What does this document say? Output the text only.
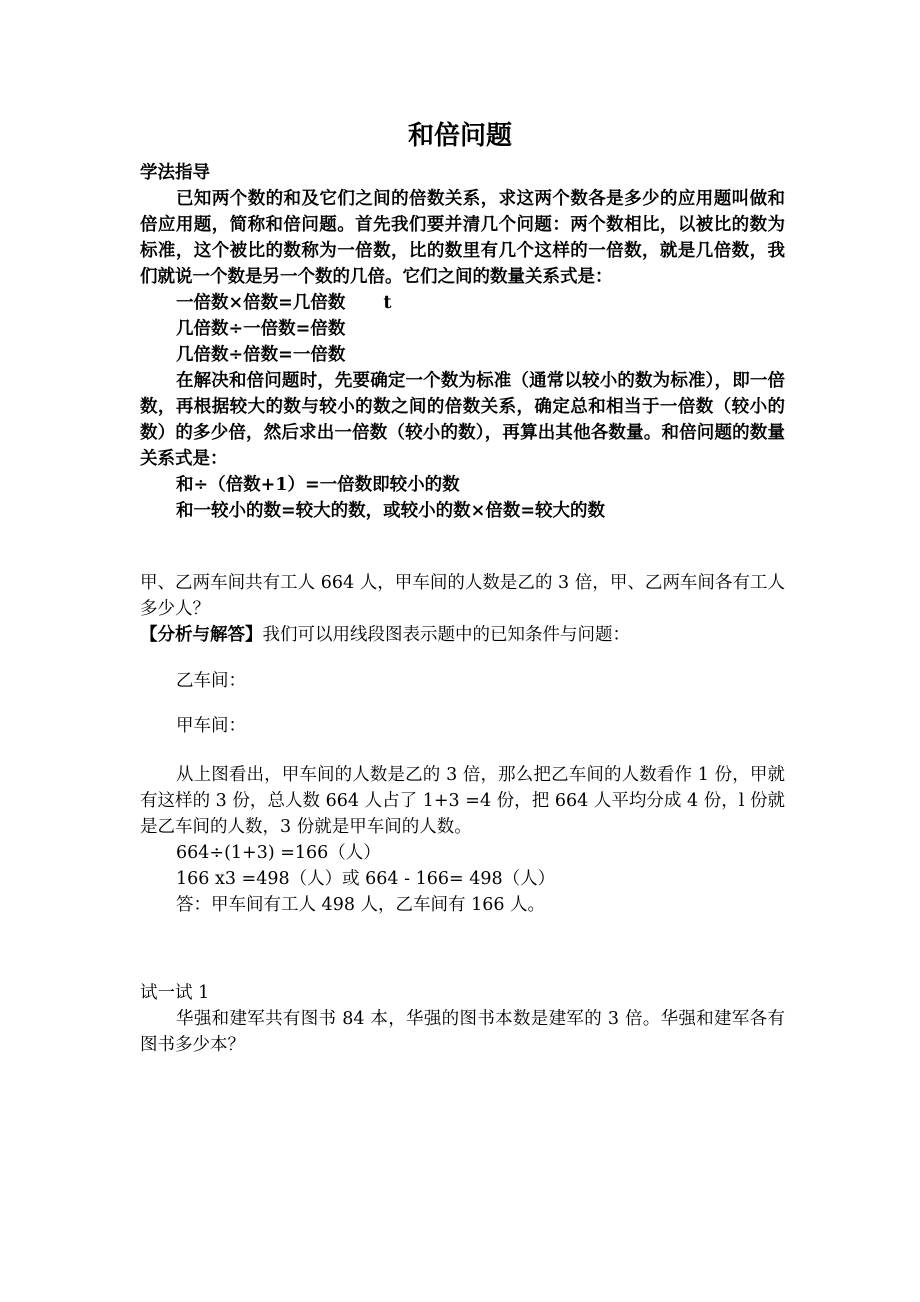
和倍问题
学法指导
已知两个数的和及它们之间的倍数关系，求这两个数各是多少的应用题叫做和倍应用题，简称和倍问题。首先我们要并清几个问题：两个数相比，以被比的数为标准，这个被比的数称为一倍数，比的数里有几个这样的一倍数，就是几倍数，我们就说一个数是另一个数的几倍。它们之间的数量关系式是：
一倍数×倍数=几倍数 t
几倍数÷一倍数=倍数
几倍数÷倍数=一倍数
在解决和倍问题时，先要确定一个数为标准（通常以较小的数为标准），即一倍数，再根据较大的数与较小的数之间的倍数关系，确定总和相当于一倍数（较小的数）的多少倍，然后求出一倍数（较小的数），再算出其他各数量。和倍问题的数量关系式是：
和÷（倍数+1）=一倍数即较小的数
和一较小的数=较大的数，或较小的数×倍数=较大的数
甲、乙两车间共有工人 664 人，甲车间的人数是乙的 3 倍，甲、乙两车间各有工人多少人？
【分析与解答】我们可以用线段图表示题中的已知条件与问题：
乙车间：
甲车间：
从上图看出，甲车间的人数是乙的 3 倍，那么把乙车间的人数看作 1 份，甲就有这样的 3 份，总人数 664 人占了 1+3 =4 份，把 664 人平均分成 4 份，l 份就是乙车间的人数，3 份就是甲车间的人数。
664÷(1+3) =166（人）
166 x3 =498（人）或 664 - 166= 498（人）
答：甲车间有工人 498 人，乙车间有 166 人。
试一试 1
华强和建军共有图书 84 本，华强的图书本数是建军的 3 倍。华强和建军各有图书多少本？
